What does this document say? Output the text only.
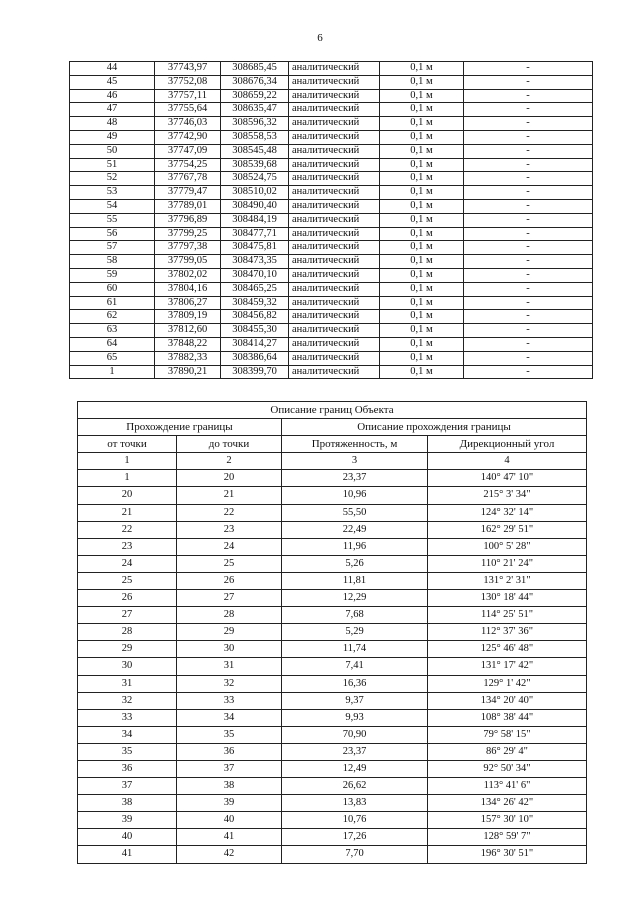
6
44	37743,97	308685,45	аналитический	0,1 м	-
45	37752,08	308676,34	аналитический	0,1 м	-
46	37757,11	308659,22	аналитический	0,1 м	-
47	37755,64	308635,47	аналитический	0,1 м	-
48	37746,03	308596,32	аналитический	0,1 м	-
49	37742,90	308558,53	аналитический	0,1 м	-
50	37747,09	308545,48	аналитический	0,1 м	-
51	37754,25	308539,68	аналитический	0,1 м	-
52	37767,78	308524,75	аналитический	0,1 м	-
53	37779,47	308510,02	аналитический	0,1 м	-
54	37789,01	308490,40	аналитический	0,1 м	-
55	37796,89	308484,19	аналитический	0,1 м	-
56	37799,25	308477,71	аналитический	0,1 м	-
57	37797,38	308475,81	аналитический	0,1 м	-
58	37799,05	308473,35	аналитический	0,1 м	-
59	37802,02	308470,10	аналитический	0,1 м	-
60	37804,16	308465,25	аналитический	0,1 м	-
61	37806,27	308459,32	аналитический	0,1 м	-
62	37809,19	308456,82	аналитический	0,1 м	-
63	37812,60	308455,30	аналитический	0,1 м	-
64	37848,22	308414,27	аналитический	0,1 м	-
65	37882,33	308386,64	аналитический	0,1 м	-
1	37890,21	308399,70	аналитический	0,1 м	-
Описание границ Объекта			
Прохождение границы		Описание прохождения границы	
от точки	до точки	Протяженность, м	Дирекционный угол
1	2	3	4
1	20	23,37	140° 47' 10"
20	21	10,96	215° 3' 34"
21	22	55,50	124° 32' 14"
22	23	22,49	162° 29' 51"
23	24	11,96	100° 5' 28"
24	25	5,26	110° 21' 24"
25	26	11,81	131° 2' 31"
26	27	12,29	130° 18' 44"
27	28	7,68	114° 25' 51"
28	29	5,29	112° 37' 36"
29	30	11,74	125° 46' 48"
30	31	7,41	131° 17' 42"
31	32	16,36	129° 1' 42"
32	33	9,37	134° 20' 40"
33	34	9,93	108° 38' 44"
34	35	70,90	79° 58' 15"
35	36	23,37	86° 29' 4"
36	37	12,49	92° 50' 34"
37	38	26,62	113° 41' 6"
38	39	13,83	134° 26' 42"
39	40	10,76	157° 30' 10"
40	41	17,26	128° 59' 7"
41	42	7,70	196° 30' 51"
